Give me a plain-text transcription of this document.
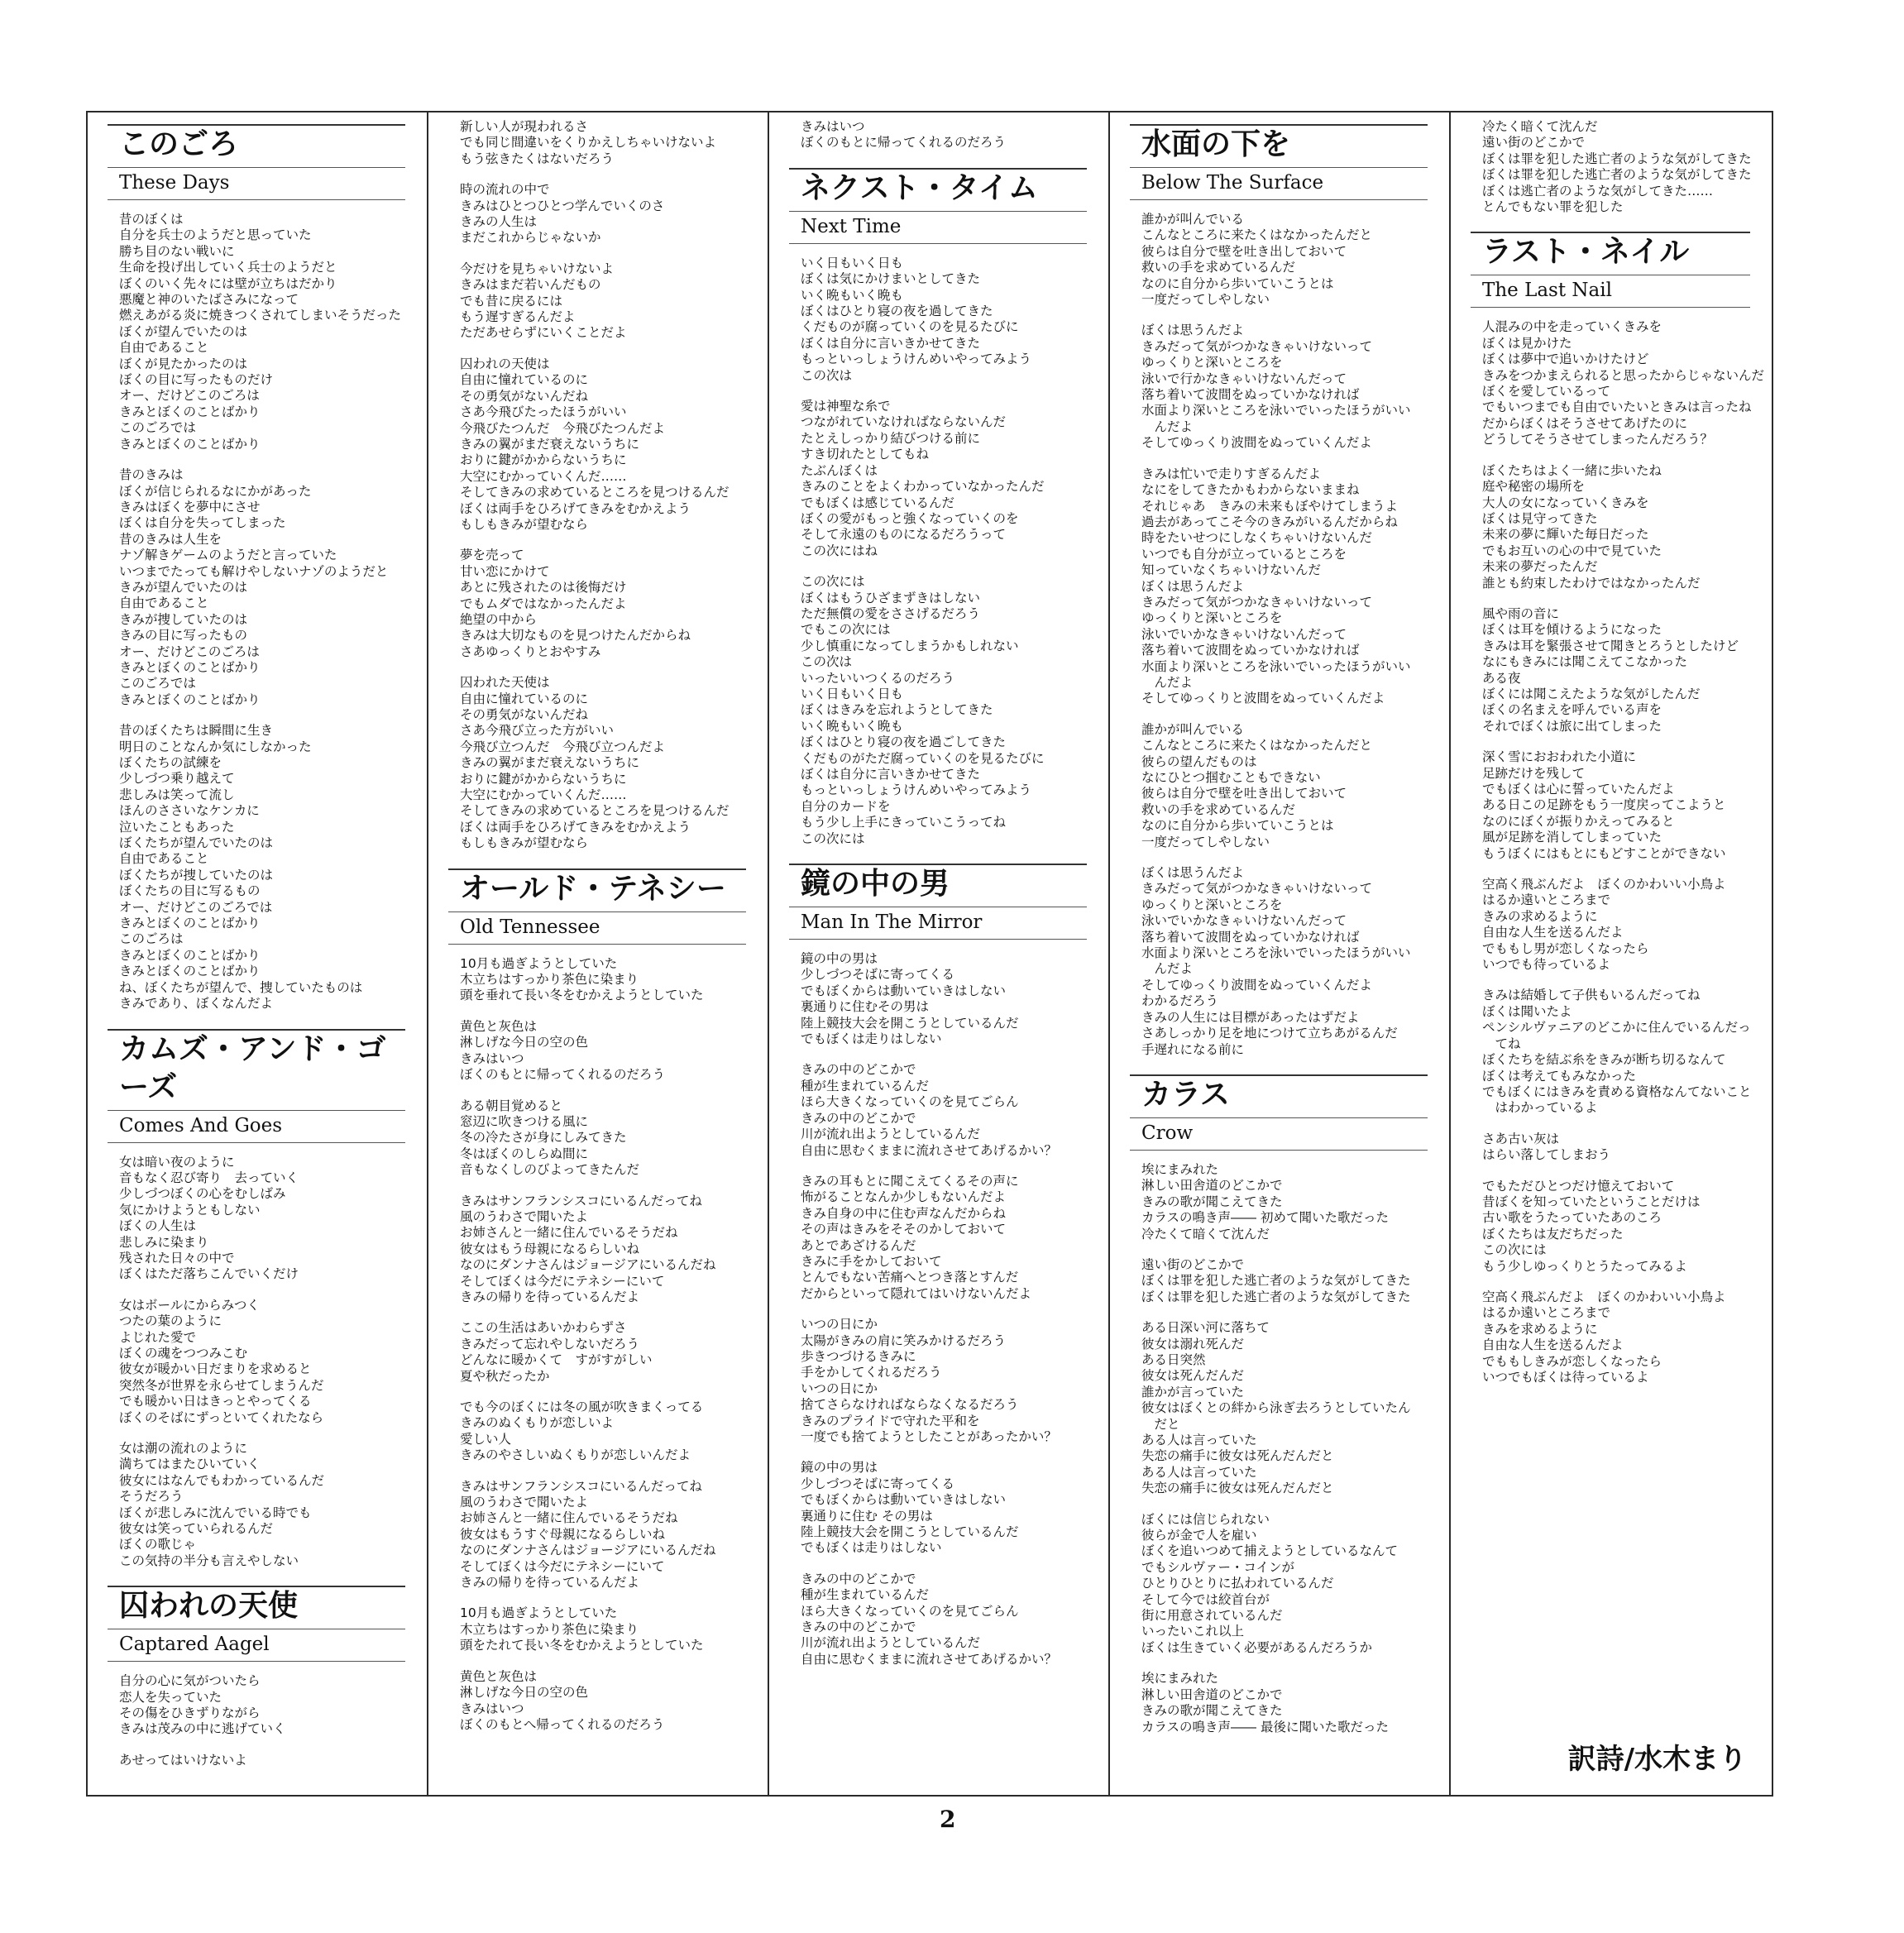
このごろ
These Days
昔のぼくは
自分を兵士のようだと思っていた
勝ち目のない戦いに
生命を投げ出していく兵士のようだと
ぼくのいく先々には壁が立ちはだかり
悪魔と神のいたばさみになって
燃えあがる炎に焼きつくされてしまいそうだった
ぼくが望んでいたのは
自由であること
ぼくが見たかったのは
ぼくの目に写ったものだけ
オー、だけどこのごろは
きみとぼくのことばかり
このごろでは
きみとぼくのことばかり
昔のきみは
ぼくが信じられるなにかがあった
きみはぼくを夢中にさせ
ぼくは自分を失ってしまった
昔のきみは人生を
ナゾ解きゲームのようだと言っていた
いつまでたっても解けやしないナゾのようだと
きみが望んでいたのは
自由であること
きみが捜していたのは
きみの目に写ったもの
オー、だけどこのごろは
きみとぼくのことばかり
このごろでは
きみとぼくのことばかり
昔のぼくたちは瞬間に生き
明日のことなんか気にしなかった
ぼくたちの試練を
少しづつ乗り越えて
悲しみは笑って流し
ほんのささいなケンカに
泣いたこともあった
ぼくたちが望んでいたのは
自由であること
ぼくたちが捜していたのは
ぼくたちの目に写るもの
オー、だけどこのごろでは
きみとぼくのことばかり
このごろは
きみとぼくのことばかり
きみとぼくのことばかり
ね、ぼくたちが望んで、捜していたものは
きみであり、ぼくなんだよ
カムズ・アンド・ゴーズ
Comes And Goes
女は暗い夜のように
音もなく忍び寄り　去っていく
少しづつぼくの心をむしばみ
気にかけようともしない
ぼくの人生は
悲しみに染まり
残された日々の中で
ぼくはただ落ちこんでいくだけ
女はボールにからみつく
つたの葉のように
よじれた愛で
ぼくの魂をつつみこむ
彼女が暖かい日だまりを求めると
突然冬が世界を永らせてしまうんだ
でも暖かい日はきっとやってくる
ぼくのそばにずっといてくれたなら
女は潮の流れのように
満ちてはまたひいていく
彼女にはなんでもわかっているんだ
そうだろう
ぼくが悲しみに沈んでいる時でも
彼女は笑っていられるんだ
ぼくの歌じゃ
この気持の半分も言えやしない
囚われの天使
Captared Aagel
自分の心に気がついたら
恋人を失っていた
その傷をひきずりながら
きみは茂みの中に逃げていく
あせってはいけないよ
新しい人が現われるさ
でも同じ間違いをくりかえしちゃいけないよ
もう弦きたくはないだろう
時の流れの中で
きみはひとつひとつ学んでいくのさ
きみの人生は
まだこれからじゃないか
今だけを見ちゃいけないよ
きみはまだ若いんだもの
でも昔に戻るには
もう遅すぎるんだよ
ただあせらずにいくことだよ
囚われの天使は
自由に憧れているのに
その勇気がないんだね
さあ今飛びたったほうがいい
今飛びたつんだ　今飛びたつんだよ
きみの翼がまだ衰えないうちに
おりに鍵がかからないうちに
大空にむかっていくんだ……
そしてきみの求めているところを見つけるんだ
ぼくは両手をひろげてきみをむかえよう
もしもきみが望むなら
夢を売って
甘い恋にかけて
あとに残されたのは後悔だけ
でもムダではなかったんだよ
絶望の中から
きみは大切なものを見つけたんだからね
さあゆっくりとおやすみ
囚われた天使は
自由に憧れているのに
その勇気がないんだね
さあ今飛び立った方がいい
今飛び立つんだ　今飛び立つんだよ
きみの翼がまだ衰えないうちに
おりに鍵がかからないうちに
大空にむかっていくんだ……
そしてきみの求めているところを見つけるんだ
ぼくは両手をひろげてきみをむかえよう
もしもきみが望むなら
オールド・テネシー
Old Tennessee
10月も過ぎようとしていた
木立ちはすっかり茶色に染まり
頭を垂れて長い冬をむかえようとしていた
黄色と灰色は
淋しげな今日の空の色
きみはいつ
ぼくのもとに帰ってくれるのだろう
ある朝目覚めると
窓辺に吹きつける風に
冬の冷たさが身にしみてきた
冬はぼくのしらぬ間に
音もなくしのびよってきたんだ
きみはサンフランシスコにいるんだってね
風のうわさで聞いたよ
お姉さんと一緒に住んでいるそうだね
彼女はもう母親になるらしいね
なのにダンナさんはジョージアにいるんだね
そしてぼくは今だにテネシーにいて
きみの帰りを待っているんだよ
ここの生活はあいかわらずさ
きみだって忘れやしないだろう
どんなに暖かくて　すがすがしい
夏や秋だったか
でも今のぼくには冬の風が吹きまくってる
きみのぬくもりが恋しいよ
愛しい人
きみのやさしいぬくもりが恋しいんだよ
きみはサンフランシスコにいるんだってね
風のうわさで聞いたよ
お姉さんと一緒に住んでいるそうだね
彼女はもうすぐ母親になるらしいね
なのにダンナさんはジョージアにいるんだね
そしてぼくは今だにテネシーにいて
きみの帰りを待っているんだよ
10月も過ぎようとしていた
木立ちはすっかり茶色に染まり
頭をたれて長い冬をむかえようとしていた
黄色と灰色は
淋しげな今日の空の色
きみはいつ
ぼくのもとへ帰ってくれるのだろう
きみはいつ
ぼくのもとに帰ってくれるのだろう
ネクスト・タイム
Next Time
いく日もいく日も
ぼくは気にかけまいとしてきた
いく晩もいく晩も
ぼくはひとり寝の夜を過してきた
くだものが腐っていくのを見るたびに
ぼくは自分に言いきかせてきた
もっといっしょうけんめいやってみよう
この次は
愛は神聖な糸で
つながれていなければならないんだ
たとえしっかり結びつける前に
すき切れたとしてもね
たぶんぼくは
きみのことをよくわかっていなかったんだ
でもぼくは感じているんだ
ぼくの愛がもっと強くなっていくのを
そして永遠のものになるだろうって
この次にはね
この次には
ぼくはもうひざまずきはしない
ただ無償の愛をささげるだろう
でもこの次には
少し慎重になってしまうかもしれない
この次は
いったいいつくるのだろう
いく日もいく日も
ぼくはきみを忘れようとしてきた
いく晩もいく晩も
ぼくはひとり寝の夜を過ごしてきた
くだものがただ腐っていくのを見るたびに
ぼくは自分に言いきかせてきた
もっといっしょうけんめいやってみよう
自分のカードを
もう少し上手にきっていこうってね
この次には
鏡の中の男
Man In The Mirror
鏡の中の男は
少しづつそばに寄ってくる
でもぼくからは動いていきはしない
裏通りに住むその男は
陸上競技大会を開こうとしているんだ
でもぼくは走りはしない
きみの中のどこかで
種が生まれているんだ
ほら大きくなっていくのを見てごらん
きみの中のどこかで
川が流れ出ようとしているんだ
自由に思むくままに流れさせてあげるかい？
きみの耳もとに聞こえてくるその声に
怖がることなんか少しもないんだよ
きみ自身の中に住む声なんだからね
その声はきみをそそのかしておいて
あとであざけるんだ
きみに手をかしておいて
とんでもない苦痛へとつき落とすんだ
だからといって隠れてはいけないんだよ
いつの日にか
太陽がきみの肩に笑みかけるだろう
歩きつづけるきみに
手をかしてくれるだろう
いつの日にか
捨てさらなければならなくなるだろう
きみのプライドで守れた平和を
一度でも捨てようとしたことがあったかい？
鏡の中の男は
少しづつそばに寄ってくる
でもぼくからは動いていきはしない
裏通りに住む その男は
陸上競技大会を開こうとしているんだ
でもぼくは走りはしない
きみの中のどこかで
種が生まれているんだ
ほら大きくなっていくのを見てごらん
きみの中のどこかで
川が流れ出ようとしているんだ
自由に思むくままに流れさせてあげるかい？
水面の下を
Below The Surface
誰かが叫んでいる
こんなところに来たくはなかったんだと
彼らは自分で壁を吐き出しておいて
救いの手を求めているんだ
なのに自分から歩いていこうとは
一度だってしやしない
ぼくは思うんだよ
きみだって気がつかなきゃいけないって
ゆっくりと深いところを
泳いで行かなきゃいけないんだって
落ち着いて波間をぬっていかなければ
水面より深いところを泳いでいったほうがいい
　んだよ
そしてゆっくり波間をぬっていくんだよ
きみは忙いで走りすぎるんだよ
なにをしてきたかもわからないままね
それじゃあ　きみの未来もぼやけてしまうよ
過去があってこそ今のきみがいるんだからね
時をたいせつにしなくちゃいけないんだ
いつでも自分が立っているところを
知っていなくちゃいけないんだ
ぼくは思うんだよ
きみだって気がつかなきゃいけないって
ゆっくりと深いところを
泳いでいかなきゃいけないんだって
落ち着いて波間をぬっていかなければ
水面より深いところを泳いでいったほうがいい
　んだよ
そしてゆっくりと波間をぬっていくんだよ
誰かが叫んでいる
こんなところに来たくはなかったんだと
彼らの望んだものは
なにひとつ掴むこともできない
彼らは自分で壁を吐き出しておいて
救いの手を求めているんだ
なのに自分から歩いていこうとは
一度だってしやしない
ぼくは思うんだよ
きみだって気がつかなきゃいけないって
ゆっくりと深いところを
泳いでいかなきゃいけないんだって
落ち着いて波間をぬっていかなければ
水面より深いところを泳いでいったほうがいい
　んだよ
そしてゆっくり波間をぬっていくんだよ
わかるだろう
きみの人生には目標があったはずだよ
さあしっかり足を地につけて立ちあがるんだ
手遅れになる前に
カラス
Crow
埃にまみれた
淋しい田舎道のどこかで
きみの歌が聞こえてきた
カラスの鳴き声―― 初めて聞いた歌だった
冷たくて暗くて沈んだ
遠い街のどこかで
ぼくは罪を犯した逃亡者のような気がしてきた
ぼくは罪を犯した逃亡者のような気がしてきた
ある日深い河に落ちて
彼女は溺れ死んだ
ある日突然
彼女は死んだんだ
誰かが言っていた
彼女はぼくとの絆から泳ぎ去ろうとしていたん
　だと
ある人は言っていた
失恋の痛手に彼女は死んだんだと
ある人は言っていた
失恋の痛手に彼女は死んだんだと
ぼくには信じられない
彼らが金で人を雇い
ぼくを追いつめて捕えようとしているなんて
でもシルヴァー・コインが
ひとりひとりに払われているんだ
そして今では絞首台が
街に用意されているんだ
いったいこれ以上
ぼくは生きていく必要があるんだろうか
埃にまみれた
淋しい田舎道のどこかで
きみの歌が聞こえてきた
カラスの鳴き声―― 最後に聞いた歌だった
冷たく暗くて沈んだ
遠い街のどこかで
ぼくは罪を犯した逃亡者のような気がしてきた
ぼくは罪を犯した逃亡者のような気がしてきた
ぼくは逃亡者のような気がしてきた……
とんでもない罪を犯した
ラスト・ネイル
The Last Nail
人混みの中を走っていくきみを
ぼくは見かけた
ぼくは夢中で追いかけたけど
きみをつかまえられると思ったからじゃないんだ
ぼくを愛しているって
でもいつまでも自由でいたいときみは言ったね
だからぼくはそうさせてあげたのに
どうしてそうさせてしまったんだろう？
ぼくたちはよく一緒に歩いたね
庭や秘密の場所を
大人の女になっていくきみを
ぼくは見守ってきた
未来の夢に輝いた毎日だった
でもお互いの心の中で見ていた
未来の夢だったんだ
誰とも約束したわけではなかったんだ
風や雨の音に
ぼくは耳を傾けるようになった
きみは耳を緊張させて聞きとろうとしたけど
なにもきみには聞こえてこなかった
ある夜
ぼくには聞こえたような気がしたんだ
ぼくの名まえを呼んでいる声を
それでぼくは旅に出てしまった
深く雪におおわれた小道に
足跡だけを残して
でもぼくは心に誓っていたんだよ
ある日この足跡をもう一度戻ってこようと
なのにぼくが振りかえってみると
風が足跡を消してしまっていた
もうぼくにはもとにもどすことができない
空高く飛ぶんだよ　ぼくのかわいい小鳥よ
はるか遠いところまで
きみの求めるように
自由な人生を送るんだよ
でももし男が恋しくなったら
いつでも待っているよ
きみは結婚して子供もいるんだってね
ぼくは聞いたよ
ペンシルヴァニアのどこかに住んでいるんだっ
　てね
ぼくたちを結ぶ糸をきみが断ち切るなんて
ぼくは考えてもみなかった
でもぼくにはきみを責める資格なんてないこと
　はわかっているよ
さあ古い灰は
はらい落してしまおう
でもただひとつだけ憶えておいて
昔ぼくを知っていたということだけは
古い歌をうたっていたあのころ
ぼくたちは友だちだった
この次には
もう少しゆっくりとうたってみるよ
空高く飛ぶんだよ　ぼくのかわいい小鳥よ
はるか遠いところまで
きみを求めるように
自由な人生を送るんだよ
でももしきみが恋しくなったら
いつでもぼくは待っているよ
訳詩/水木まり
2
